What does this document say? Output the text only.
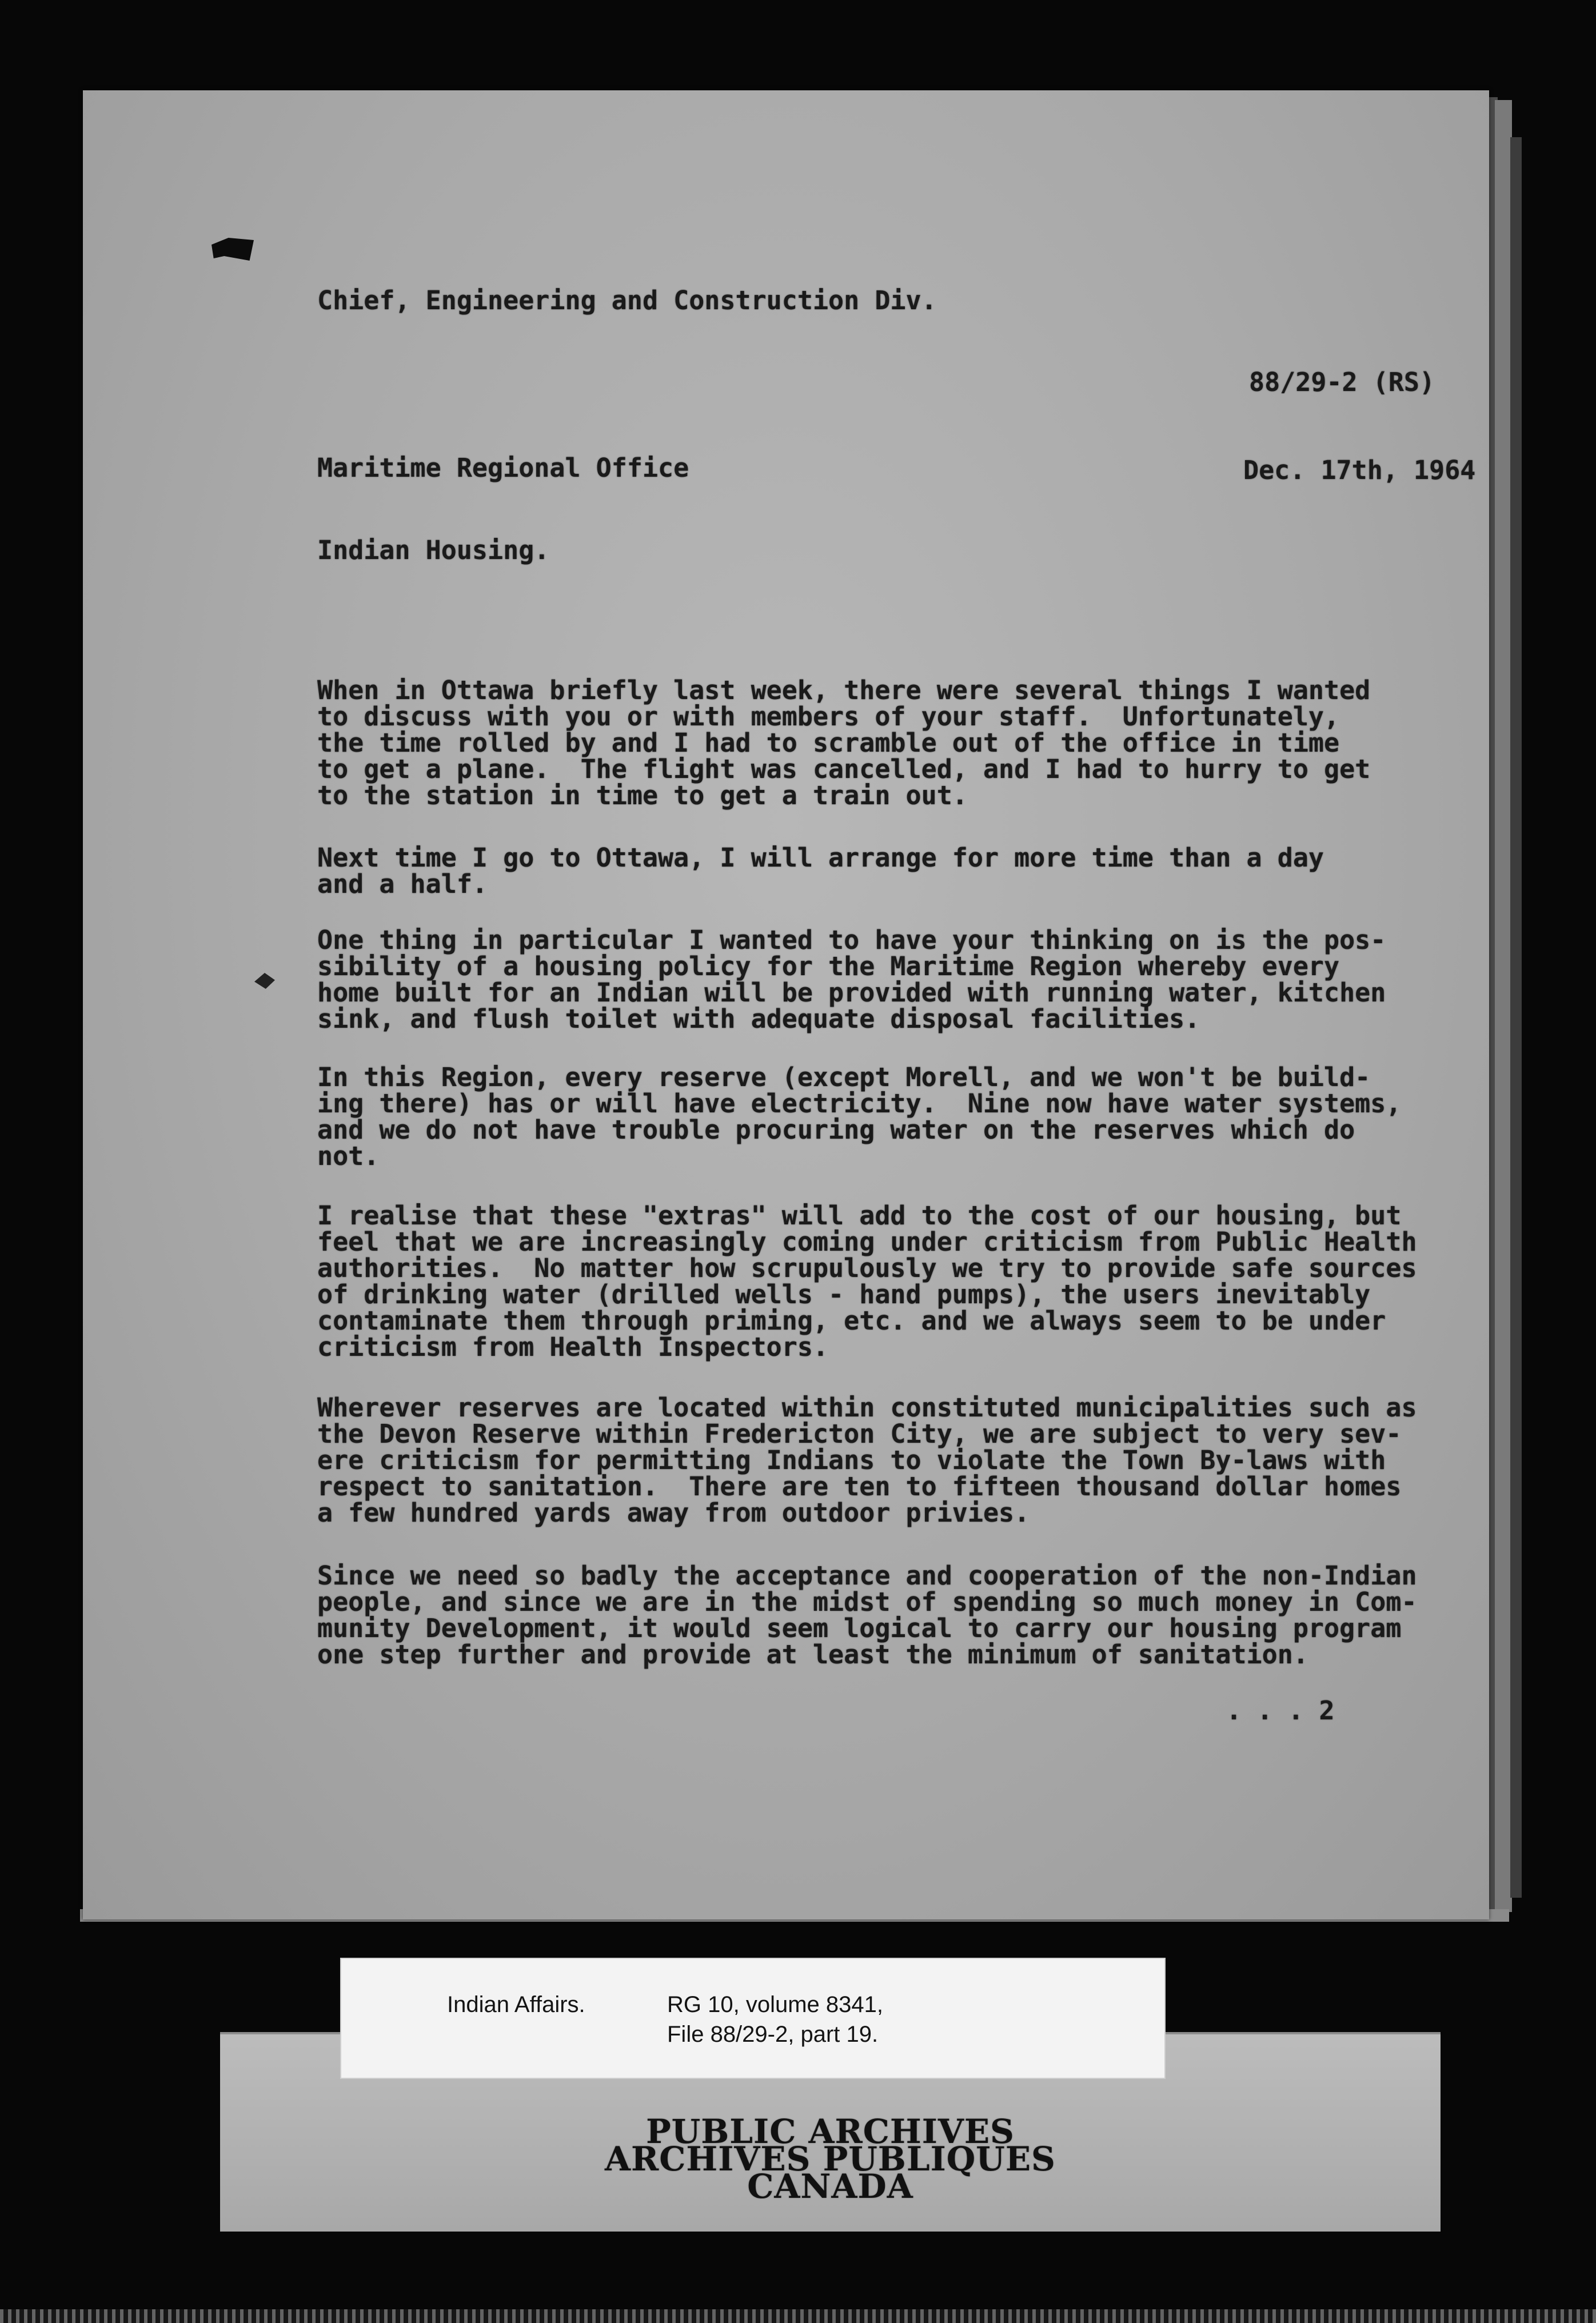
Chief, Engineering and Construction Div.
88/29-2 (RS)
Maritime Regional Office	Dec. 17th, 1964
Indian Housing.
When in Ottawa briefly last week, there were several things I wanted
to discuss with you or with members of your staff.  Unfortunately,
the time rolled by and I had to scramble out of the office in time
to get a plane.  The flight was cancelled, and I had to hurry to get
to the station in time to get a train out.
Next time I go to Ottawa, I will arrange for more time than a day
and a half.
One thing in particular I wanted to have your thinking on is the pos-
sibility of a housing policy for the Maritime Region whereby every
home built for an Indian will be provided with running water, kitchen
sink, and flush toilet with adequate disposal facilities.
In this Region, every reserve (except Morell, and we won't be build-
ing there) has or will have electricity.  Nine now have water systems,
and we do not have trouble procuring water on the reserves which do
not.
I realise that these "extras" will add to the cost of our housing, but
feel that we are increasingly coming under criticism from Public Health
authorities.  No matter how scrupulously we try to provide safe sources
of drinking water (drilled wells - hand pumps), the users inevitably
contaminate them through priming, etc. and we always seem to be under
criticism from Health Inspectors.
Wherever reserves are located within constituted municipalities such as
the Devon Reserve within Fredericton City, we are subject to very sev-
ere criticism for permitting Indians to violate the Town By-laws with
respect to sanitation.  There are ten to fifteen thousand dollar homes
a few hundred yards away from outdoor privies.
Since we need so badly the acceptance and cooperation of the non-Indian
people, and since we are in the midst of spending so much money in Com-
munity Development, it would seem logical to carry our housing program
one step further and provide at least the minimum of sanitation.
. . . 2
PUBLIC ARCHIVES
ARCHIVES PUBLIQUES
CANADA
Indian Affairs.	RG 10, volume 8341,
File 88/29-2, part 19.
